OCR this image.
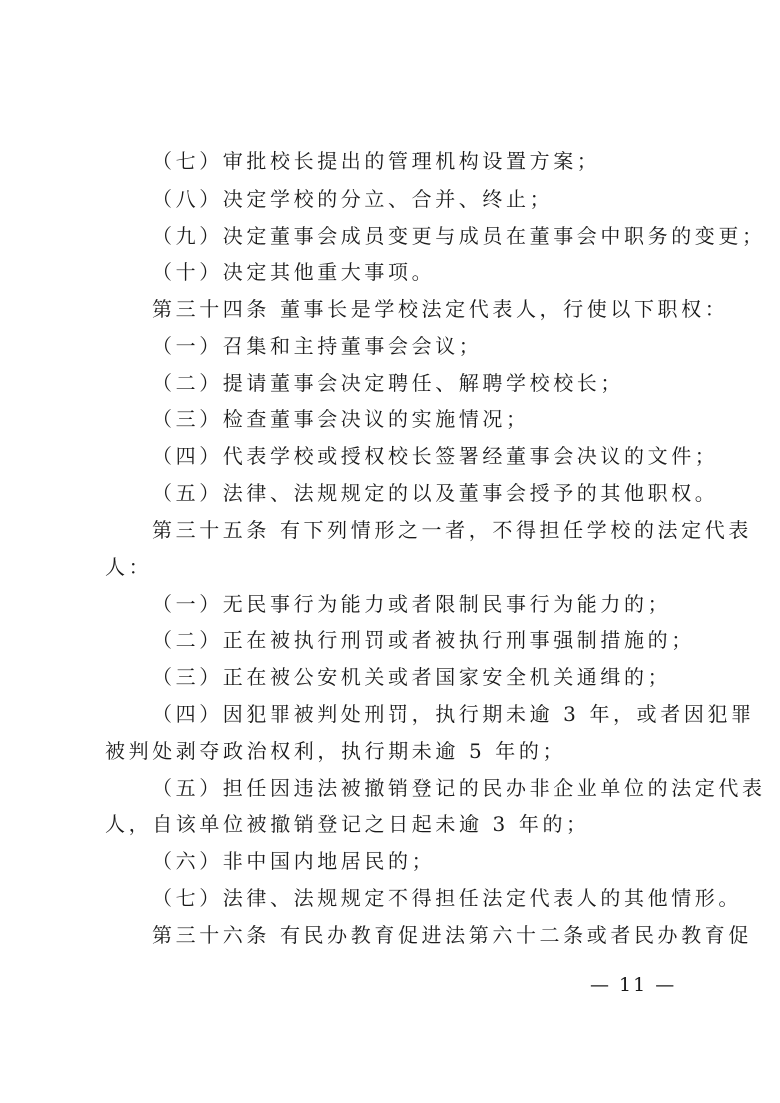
（七）审批校长提出的管理机构设置方案；
（八）决定学校的分立、合并、终止；
（九）决定董事会成员变更与成员在董事会中职务的变更；
（十）决定其他重大事项。
第三十四条 董事长是学校法定代表人，行使以下职权：
（一）召集和主持董事会会议；
（二）提请董事会决定聘任、解聘学校校长；
（三）检查董事会决议的实施情况；
（四）代表学校或授权校长签署经董事会决议的文件；
（五）法律、法规规定的以及董事会授予的其他职权。
第三十五条 有下列情形之一者，不得担任学校的法定代表
人：
（一）无民事行为能力或者限制民事行为能力的；
（二）正在被执行刑罚或者被执行刑事强制措施的；
（三）正在被公安机关或者国家安全机关通缉的；
（四）因犯罪被判处刑罚，执行期未逾 3 年，或者因犯罪
被判处剥夺政治权利，执行期未逾 5 年的；
（五）担任因违法被撤销登记的民办非企业单位的法定代表
人，自该单位被撤销登记之日起未逾 3 年的；
（六）非中国内地居民的；
（七）法律、法规规定不得担任法定代表人的其他情形。
第三十六条 有民办教育促进法第六十二条或者民办教育促
— 11 —
